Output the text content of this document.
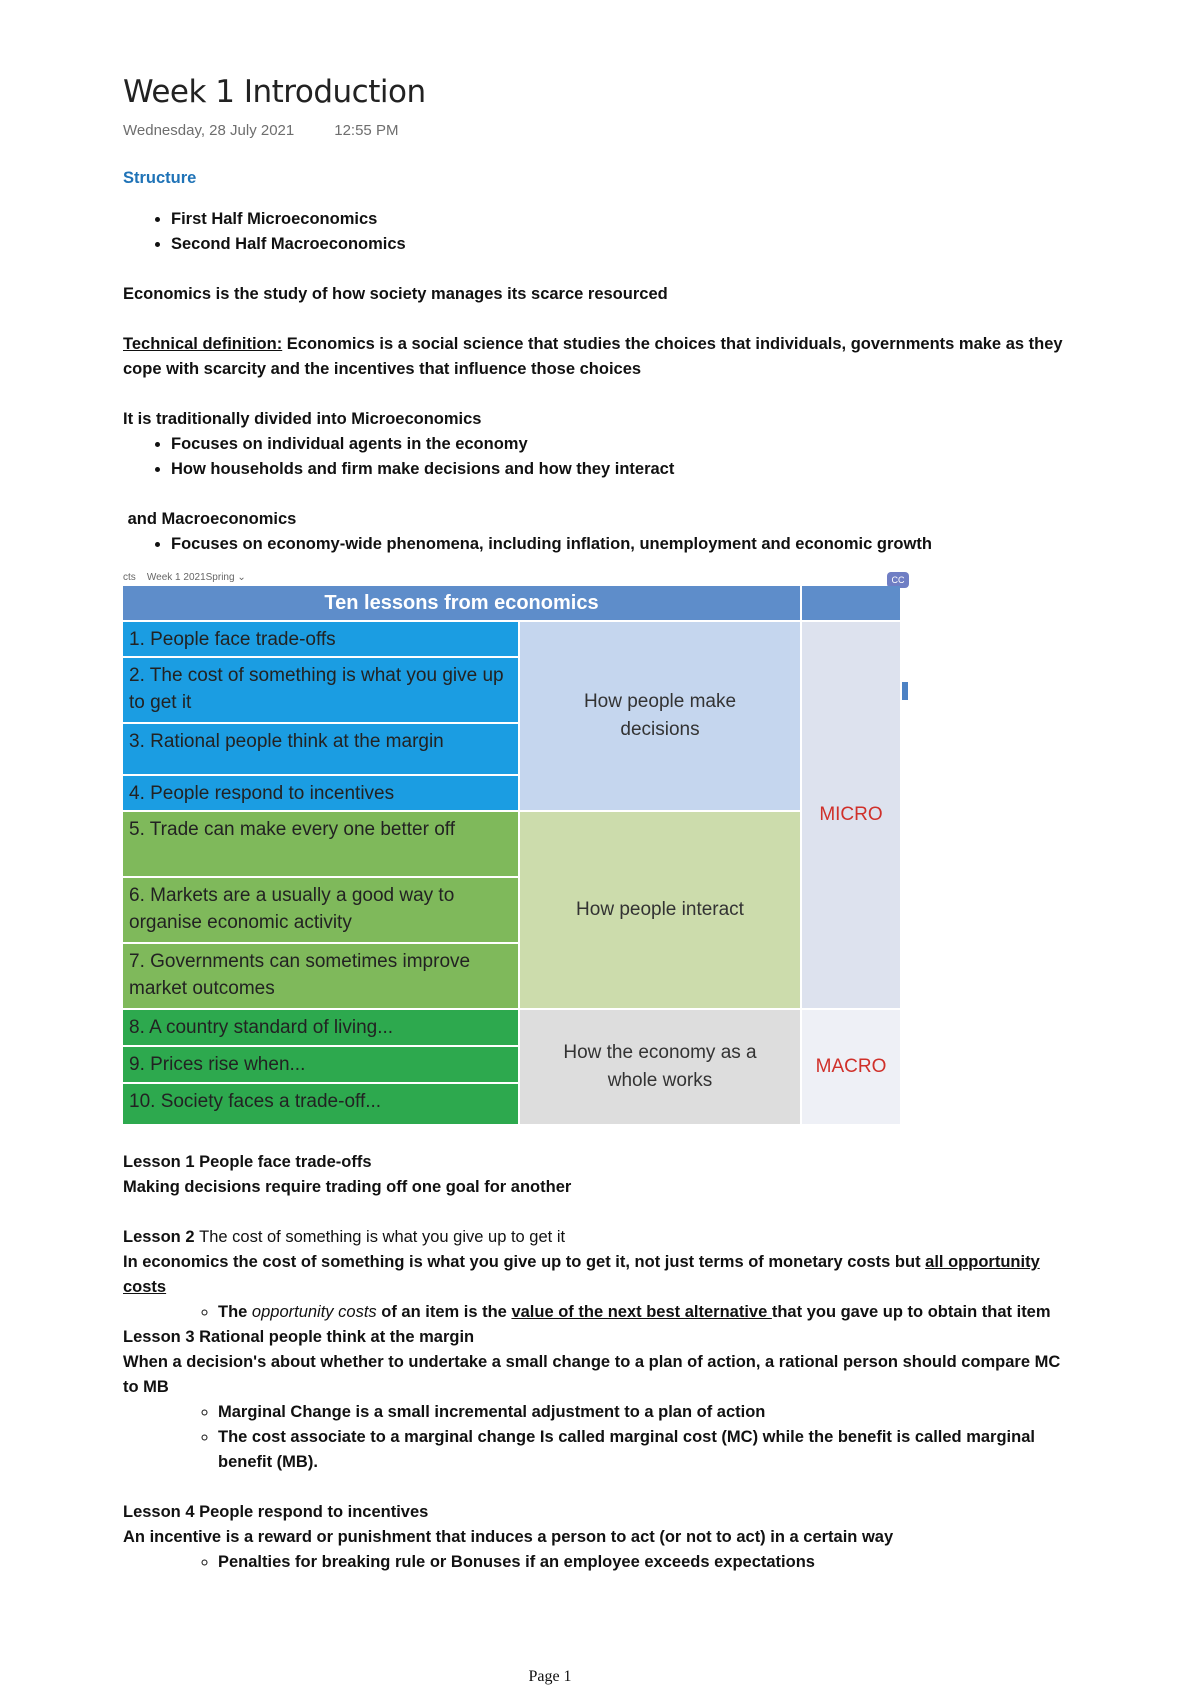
Week 1 Introduction
Wednesday, 28 July 2021	12:55 PM

Structure

• First Half Microeconomics
• Second Half Macroeconomics

Economics is the study of how society manages its scarce resourced

Technical definition: Economics is a social science that studies the choices that individuals, governments make as they cope with scarcity and the incentives that influence those choices

It is traditionally divided into Microeconomics

• Focuses on individual agents in the economy
• How households and firm make decisions and how they interact

and Macroeconomics

• Focuses on economy-wide phenomena, including inflation, unemployment and economic growth
cts    Week 1 2021Spring ⌄	CC
Ten lessons from economics
1. People face trade-offs
2. The cost of something is what you give up to get it
3. Rational people think at the margin
4. People respond to incentives
5. Trade can make every one better off
6. Markets are a usually a good way to organise economic activity
7. Governments can sometimes improve market outcomes
8. A country standard of living...
9. Prices rise when...
10. Society faces a trade-off...
How people make decisions
How people interact
How the economy as a whole works
MICRO
MACRO

Lesson 1 People face trade-offs

Making decisions require trading off one goal for another

Lesson 2 The cost of something is what you give up to get it

In economics the cost of something is what you give up to get it, not just terms of monetary costs but all opportunity costs

◦ The opportunity costs of an item is the value of the next best alternative that you gave up to obtain that item

Lesson 3 Rational people think at the margin

When a decision's about whether to undertake a small change to a plan of action, a rational person should compare MC to MB

◦ Marginal Change is a small incremental adjustment to a plan of action
◦ The cost associate to a marginal change Is called marginal cost (MC) while the benefit is called marginal benefit (MB).

Lesson 4 People respond to incentives

An incentive is a reward or punishment that induces a person to act (or not to act) in a certain way

◦ Penalties for breaking rule or Bonuses if an employee exceeds expectations
Page 1
